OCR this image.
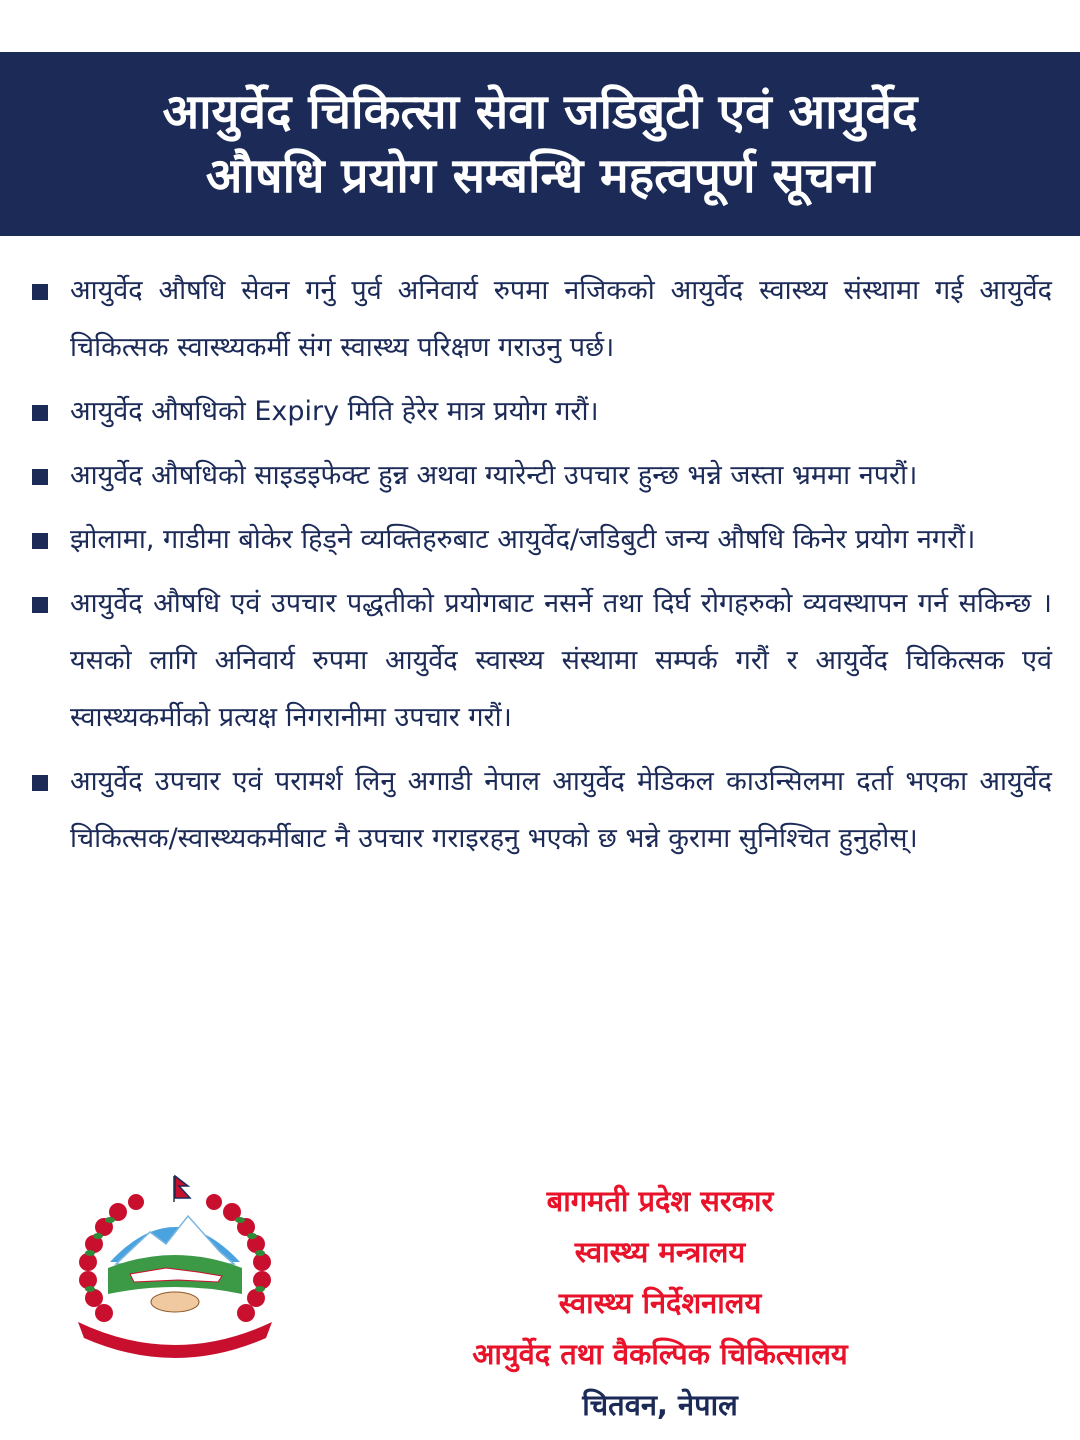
आयुर्वेद चिकित्सा सेवा जडिबुटी एवं आयुर्वेद
औषधि प्रयोग सम्बन्धि महत्वपूर्ण सूचना
आयुर्वेद औषधि सेवन गर्नु पुर्व अनिवार्य रुपमा नजिकको आयुर्वेद स्वास्थ्य संस्थामा गई आयुर्वेद चिकित्सक स्वास्थ्यकर्मी संग स्वास्थ्य परिक्षण गराउनु पर्छ।
आयुर्वेद औषधिको Expiry मिति हेरेर मात्र प्रयोग गरौं।
आयुर्वेद औषधिको साइडइफेक्ट हुन्न अथवा ग्यारेन्टी उपचार हुन्छ भन्ने जस्ता भ्रममा नपरौं।
झोलामा, गाडीमा बोकेर हिड्ने व्यक्तिहरुबाट आयुर्वेद/जडिबुटी जन्य औषधि किनेर प्रयोग नगरौं।
आयुर्वेद औषधि एवं उपचार पद्धतीको प्रयोगबाट नसर्ने तथा दिर्घ रोगहरुको व्यवस्थापन गर्न सकिन्छ । यसको लागि अनिवार्य रुपमा आयुर्वेद स्वास्थ्य संस्थामा सम्पर्क गरौं र आयुर्वेद चिकित्सक एवं स्वास्थ्यकर्मीको प्रत्यक्ष निगरानीमा उपचार गरौं।
आयुर्वेद उपचार एवं परामर्श लिनु अगाडी नेपाल आयुर्वेद मेडिकल काउन्सिलमा दर्ता भएका आयुर्वेद चिकित्सक/स्वास्थ्यकर्मीबाट नै उपचार गराइरहनु भएको छ भन्ने कुरामा सुनिश्चित हुनुहोस्।
बागमती प्रदेश सरकार
स्वास्थ्य मन्त्रालय
स्वास्थ्य निर्देशनालय
आयुर्वेद तथा वैकल्पिक चिकित्सालय
चितवन, नेपाल
